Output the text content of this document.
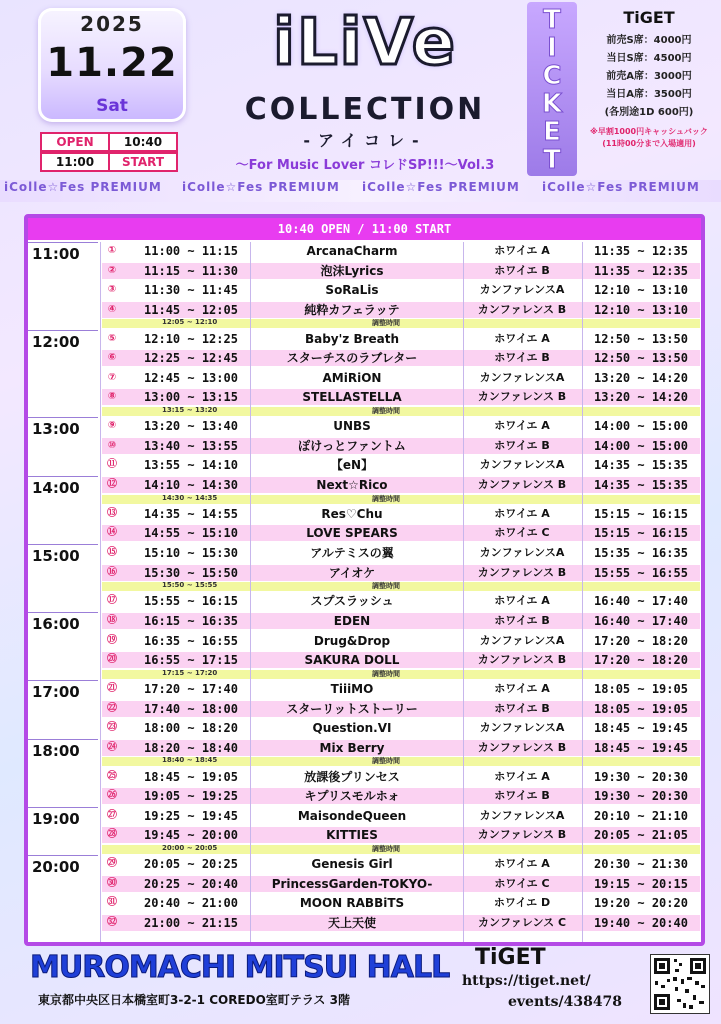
2025
11.22
Sat
OPEN	10:40
11:00	START
iLiVe
COLLECTION
-アイコレ-
〜For Music Lover コレドSP!!!〜Vol.3	TICKET	TiGET
前売S席：4000円
当日S席：4500円
前売A席：3000円
当日A席：3500円
(各別途1D 600円)
※早割1000円キャッシュバック
(11時00分まで入場適用)
iColle☆Fes PREMIUM iColle☆Fes PREMIUM iColle☆Fes PREMIUM iColle☆Fes PREMIUM
10:40 OPEN / 11:00 START
11:00	①	11:00 ~ 11:15	ArcanaCharm	ホワイエ A	11:35 ~ 12:35
②	11:15 ~ 11:30	泡沫Lyrics	ホワイエ B	11:35 ~ 12:35
③	11:30 ~ 11:45	SoRaLis	カンファレンスA	12:10 ~ 13:10
④	11:45 ~ 12:05	純粋カフェラッテ	カンファレンス B	12:10 ~ 13:10
12:05 ~ 12:10	調整時間
12:00	⑤	12:10 ~ 12:25	Baby'z Breath	ホワイエ A	12:50 ~ 13:50
⑥	12:25 ~ 12:45	スターチスのラブレター	ホワイエ B	12:50 ~ 13:50
⑦	12:45 ~ 13:00	AMiRiON	カンファレンスA	13:20 ~ 14:20
⑧	13:00 ~ 13:15	STELLASTELLA	カンファレンス B	13:20 ~ 14:20
13:15 ~ 13:20	調整時間
13:00	⑨	13:20 ~ 13:40	UNBS	ホワイエ A	14:00 ~ 15:00
⑩	13:40 ~ 13:55	ぽけっとファントム	ホワイエ B	14:00 ~ 15:00
⑪	13:55 ~ 14:10	【eN】	カンファレンスA	14:35 ~ 15:35
14:00	⑫	14:10 ~ 14:30	Next☆Rico	カンファレンス B	14:35 ~ 15:35
14:30 ~ 14:35	調整時間
⑬	14:35 ~ 14:55	Res♡Chu	ホワイエ A	15:15 ~ 16:15
⑭	14:55 ~ 15:10	LOVE SPEARS	ホワイエ C	15:15 ~ 16:15
15:00	⑮	15:10 ~ 15:30	アルテミスの翼	カンファレンスA	15:35 ~ 16:35
⑯	15:30 ~ 15:50	アイオケ	カンファレンス B	15:55 ~ 16:55
15:50 ~ 15:55	調整時間
⑰	15:55 ~ 16:15	スプスラッシュ	ホワイエ A	16:40 ~ 17:40
16:00	⑱	16:15 ~ 16:35	EDEN	ホワイエ B	16:40 ~ 17:40
⑲	16:35 ~ 16:55	Drug&Drop	カンファレンスA	17:20 ~ 18:20
⑳	16:55 ~ 17:15	SAKURA DOLL	カンファレンス B	17:20 ~ 18:20
17:15 ~ 17:20	調整時間
17:00	㉑	17:20 ~ 17:40	TiiiMO	ホワイエ A	18:05 ~ 19:05
㉒	17:40 ~ 18:00	スターリットストーリー	ホワイエ B	18:05 ~ 19:05
㉓	18:00 ~ 18:20	Question.VI	カンファレンスA	18:45 ~ 19:45
18:00	㉔	18:20 ~ 18:40	Mix Berry	カンファレンス B	18:45 ~ 19:45
18:40 ~ 18:45	調整時間
㉕	18:45 ~ 19:05	放課後プリンセス	ホワイエ A	19:30 ~ 20:30
㉖	19:05 ~ 19:25	キプリスモルホォ	ホワイエ B	19:30 ~ 20:30
19:00	㉗	19:25 ~ 19:45	MaisondeQueen	カンファレンスA	20:10 ~ 21:10
㉘	19:45 ~ 20:00	KITTIES	カンファレンス B	20:05 ~ 21:05
20:00 ~ 20:05	調整時間
20:00	㉙	20:05 ~ 20:25	Genesis Girl	ホワイエ A	20:30 ~ 21:30
㉚	20:25 ~ 20:40	PrincessGarden-TOKYO-	ホワイエ C	19:15 ~ 20:15
㉛	20:40 ~ 21:00	MOON RABBiTS	ホワイエ D	19:20 ~ 20:20
㉜	21:00 ~ 21:15	天上天使	カンファレンス C	19:40 ~ 20:40
MUROMACHI MITSUI HALL
東京都中央区日本橋室町3-2-1 COREDO室町テラス 3階
TiGET
https://tiget.net/
events/438478
